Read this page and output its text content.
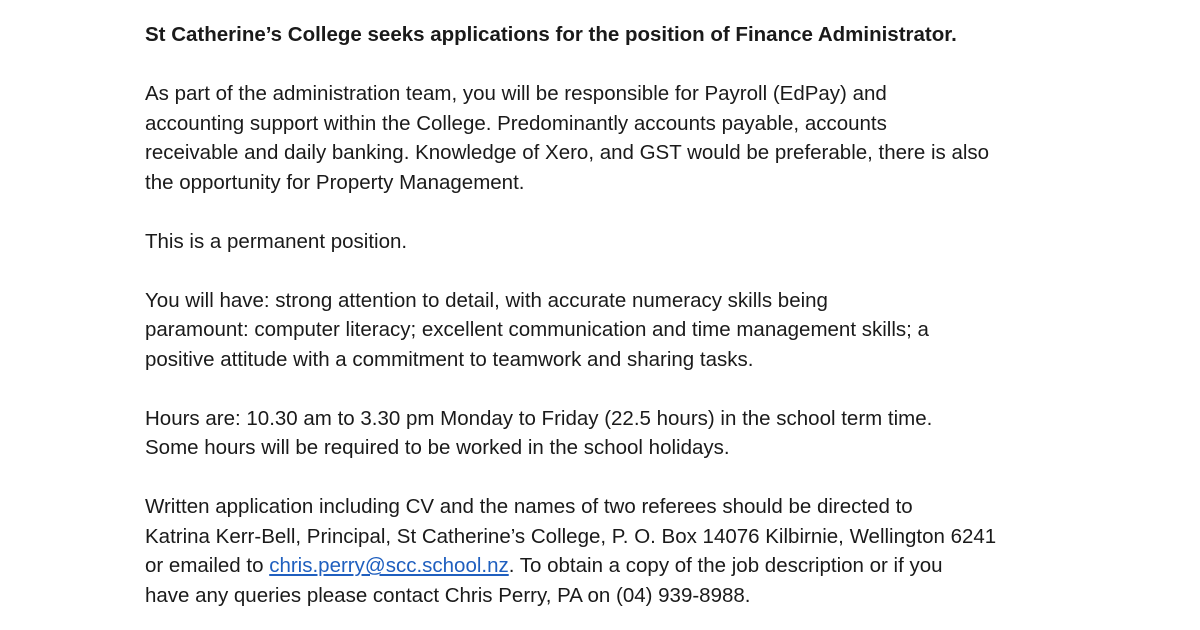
St Catherine’s College seeks applications for the position of Finance Administrator.
As part of the administration team, you will be responsible for Payroll (EdPay) and
accounting support within the College. Predominantly accounts payable, accounts
receivable and daily banking. Knowledge of Xero, and GST would be preferable, there is also
the opportunity for Property Management.
This is a permanent position.
You will have: strong attention to detail, with accurate numeracy skills being
paramount: computer literacy; excellent communication and time management skills; a
positive attitude with a commitment to teamwork and sharing tasks.
Hours are: 10.30 am to 3.30 pm Monday to Friday (22.5 hours) in the school term time.
Some hours will be required to be worked in the school holidays.
Written application including CV and the names of two referees should be directed to
Katrina Kerr-Bell, Principal, St Catherine’s College, P. O. Box 14076 Kilbirnie, Wellington 6241
or emailed to chris.perry@scc.school.nz. To obtain a copy of the job description or if you
have any queries please contact Chris Perry, PA on (04) 939-8988.
